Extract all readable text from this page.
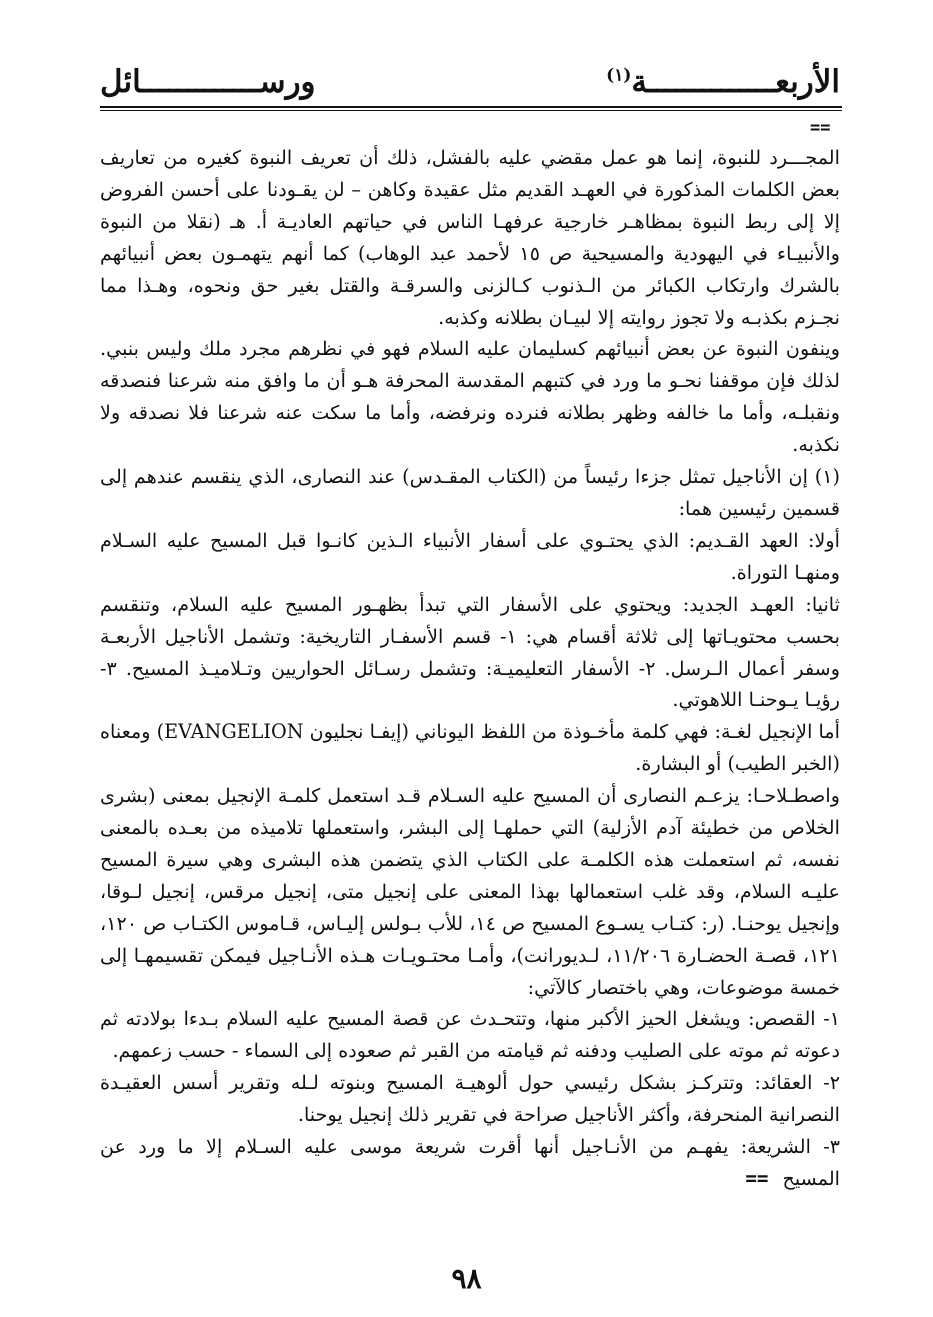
الأربعــــــــــــــة$^{(١)}$
ورســـــــــــــائل
==

المجـــرد للنبوة، إنما هو عمل مقضي عليه بالفشل، ذلك أن تعريف النبوة كغيره من تعاريف بعض الكلمات المذكورة في العهـد القديم مثل عقيدة وكاهن – لن يقـودنا على أحسن الفروض إلا إلى ربط النبوة بمظاهـر خارجية عرفهـا الناس في حياتهم العاديـة أ. هـ (نقلا من النبوة والأنبيـاء في اليهودية والمسيحية ص ١٥ لأحمد عبد الوهاب) كما أنهم يتهمـون بعض أنبيائهم بالشرك وارتكاب الكبائر من الـذنوب كـالزنى والسرقـة والقتل بغير حق ونحوه، وهـذا مما نجـزم بكذبـه ولا تجوز روايته إلا لبيـان بطلانه وكذبه.

وينفون النبوة عن بعض أنبيائهم كسليمان عليه السلام فهو في نظرهم مجرد ملك وليس بنبي. لذلك فإن موقفنا نحـو ما ورد في كتبهم المقدسة المحرفة هـو أن ما وافق منه شرعنا فنصدقه ونقبلـه، وأما ما خالفه وظهر بطلانه فنرده ونرفضه، وأما ما سكت عنه شرعنا فلا نصدقه ولا نكذبه.

(١) إن الأناجيل تمثل جزءا رئيساً من (الكتاب المقـدس) عند النصارى، الذي ينقسم عندهم إلى قسمين رئيسين هما:

أولا: العهد القـديم: الذي يحتـوي على أسفار الأنبياء الـذين كانـوا قبل المسيح عليه السـلام ومنهـا التوراة.

ثانيا: العهـد الجديد: ويحتوي على الأسفار التي تبدأ بظهـور المسيح عليه السلام، وتنقسم بحسب محتويـاتها إلى ثلاثة أقسام هي: ١- قسم الأسفـار التاريخية: وتشمل الأناجيل الأربعـة وسفر أعمال الـرسل. ٢- الأسفار التعليميـة: وتشمل رسـائل الحواريين وتـلاميـذ المسيح. ٣- رؤيـا يـوحنـا اللاهوتي.

أما الإنجيل لغـة: فهي كلمة مأخـوذة من اللفظ اليوناني (إيفـا نجليون EVANGELION) ومعناه (الخبر الطيب) أو البشارة.

واصطـلاحـا: يزعـم النصارى أن المسيح عليه السـلام قـد استعمل كلمـة الإنجيل بمعنى (بشرى الخلاص من خطيئة آدم الأزلية) التي حملهـا إلى البشر، واستعملها تلاميذه من بعـده بالمعنى نفسه، ثم استعملت هذه الكلمـة على الكتاب الذي يتضمن هذه البشرى وهي سيرة المسيح عليـه السلام، وقد غلب استعمالها بهذا المعنى على إنجيل متى، إنجيل مرقس، إنجيل لـوقا، وإنجيل يوحنـا. (ر: كتـاب يسـوع المسيح ص ١٤، للأب بـولس إليـاس، قـاموس الكتـاب ص ١٢٠، ١٢١، قصـة الحضـارة ١١/٢٠٦، لـديورانت)، وأمـا محتـويـات هـذه الأنـاجيل فيمكن تقسيمهـا إلى خمسة موضوعات، وهي باختصار كالآتي:

١- القصص: ويشغل الحيز الأكبر منها، وتتحـدث عن قصة المسيح عليه السلام بـدءا بولادته ثم دعوته ثم موته على الصليب ودفنه ثم قيامته من القبر ثم صعوده إلى السماء - حسب زعمهم.

٢- العقائد: وتتركـز بشكل رئيسي حول ألوهيـة المسيح وبنوته لـله وتقرير أسس العقيـدة النصرانية المنحرفة، وأكثر الأناجيل صراحة في تقرير ذلك إنجيل يوحنا.

٣- الشريعة: يفهـم من الأنـاجيل أنها أقرت شريعة موسى عليه السـلام إلا ما ورد عن المسيح==

٩٨
